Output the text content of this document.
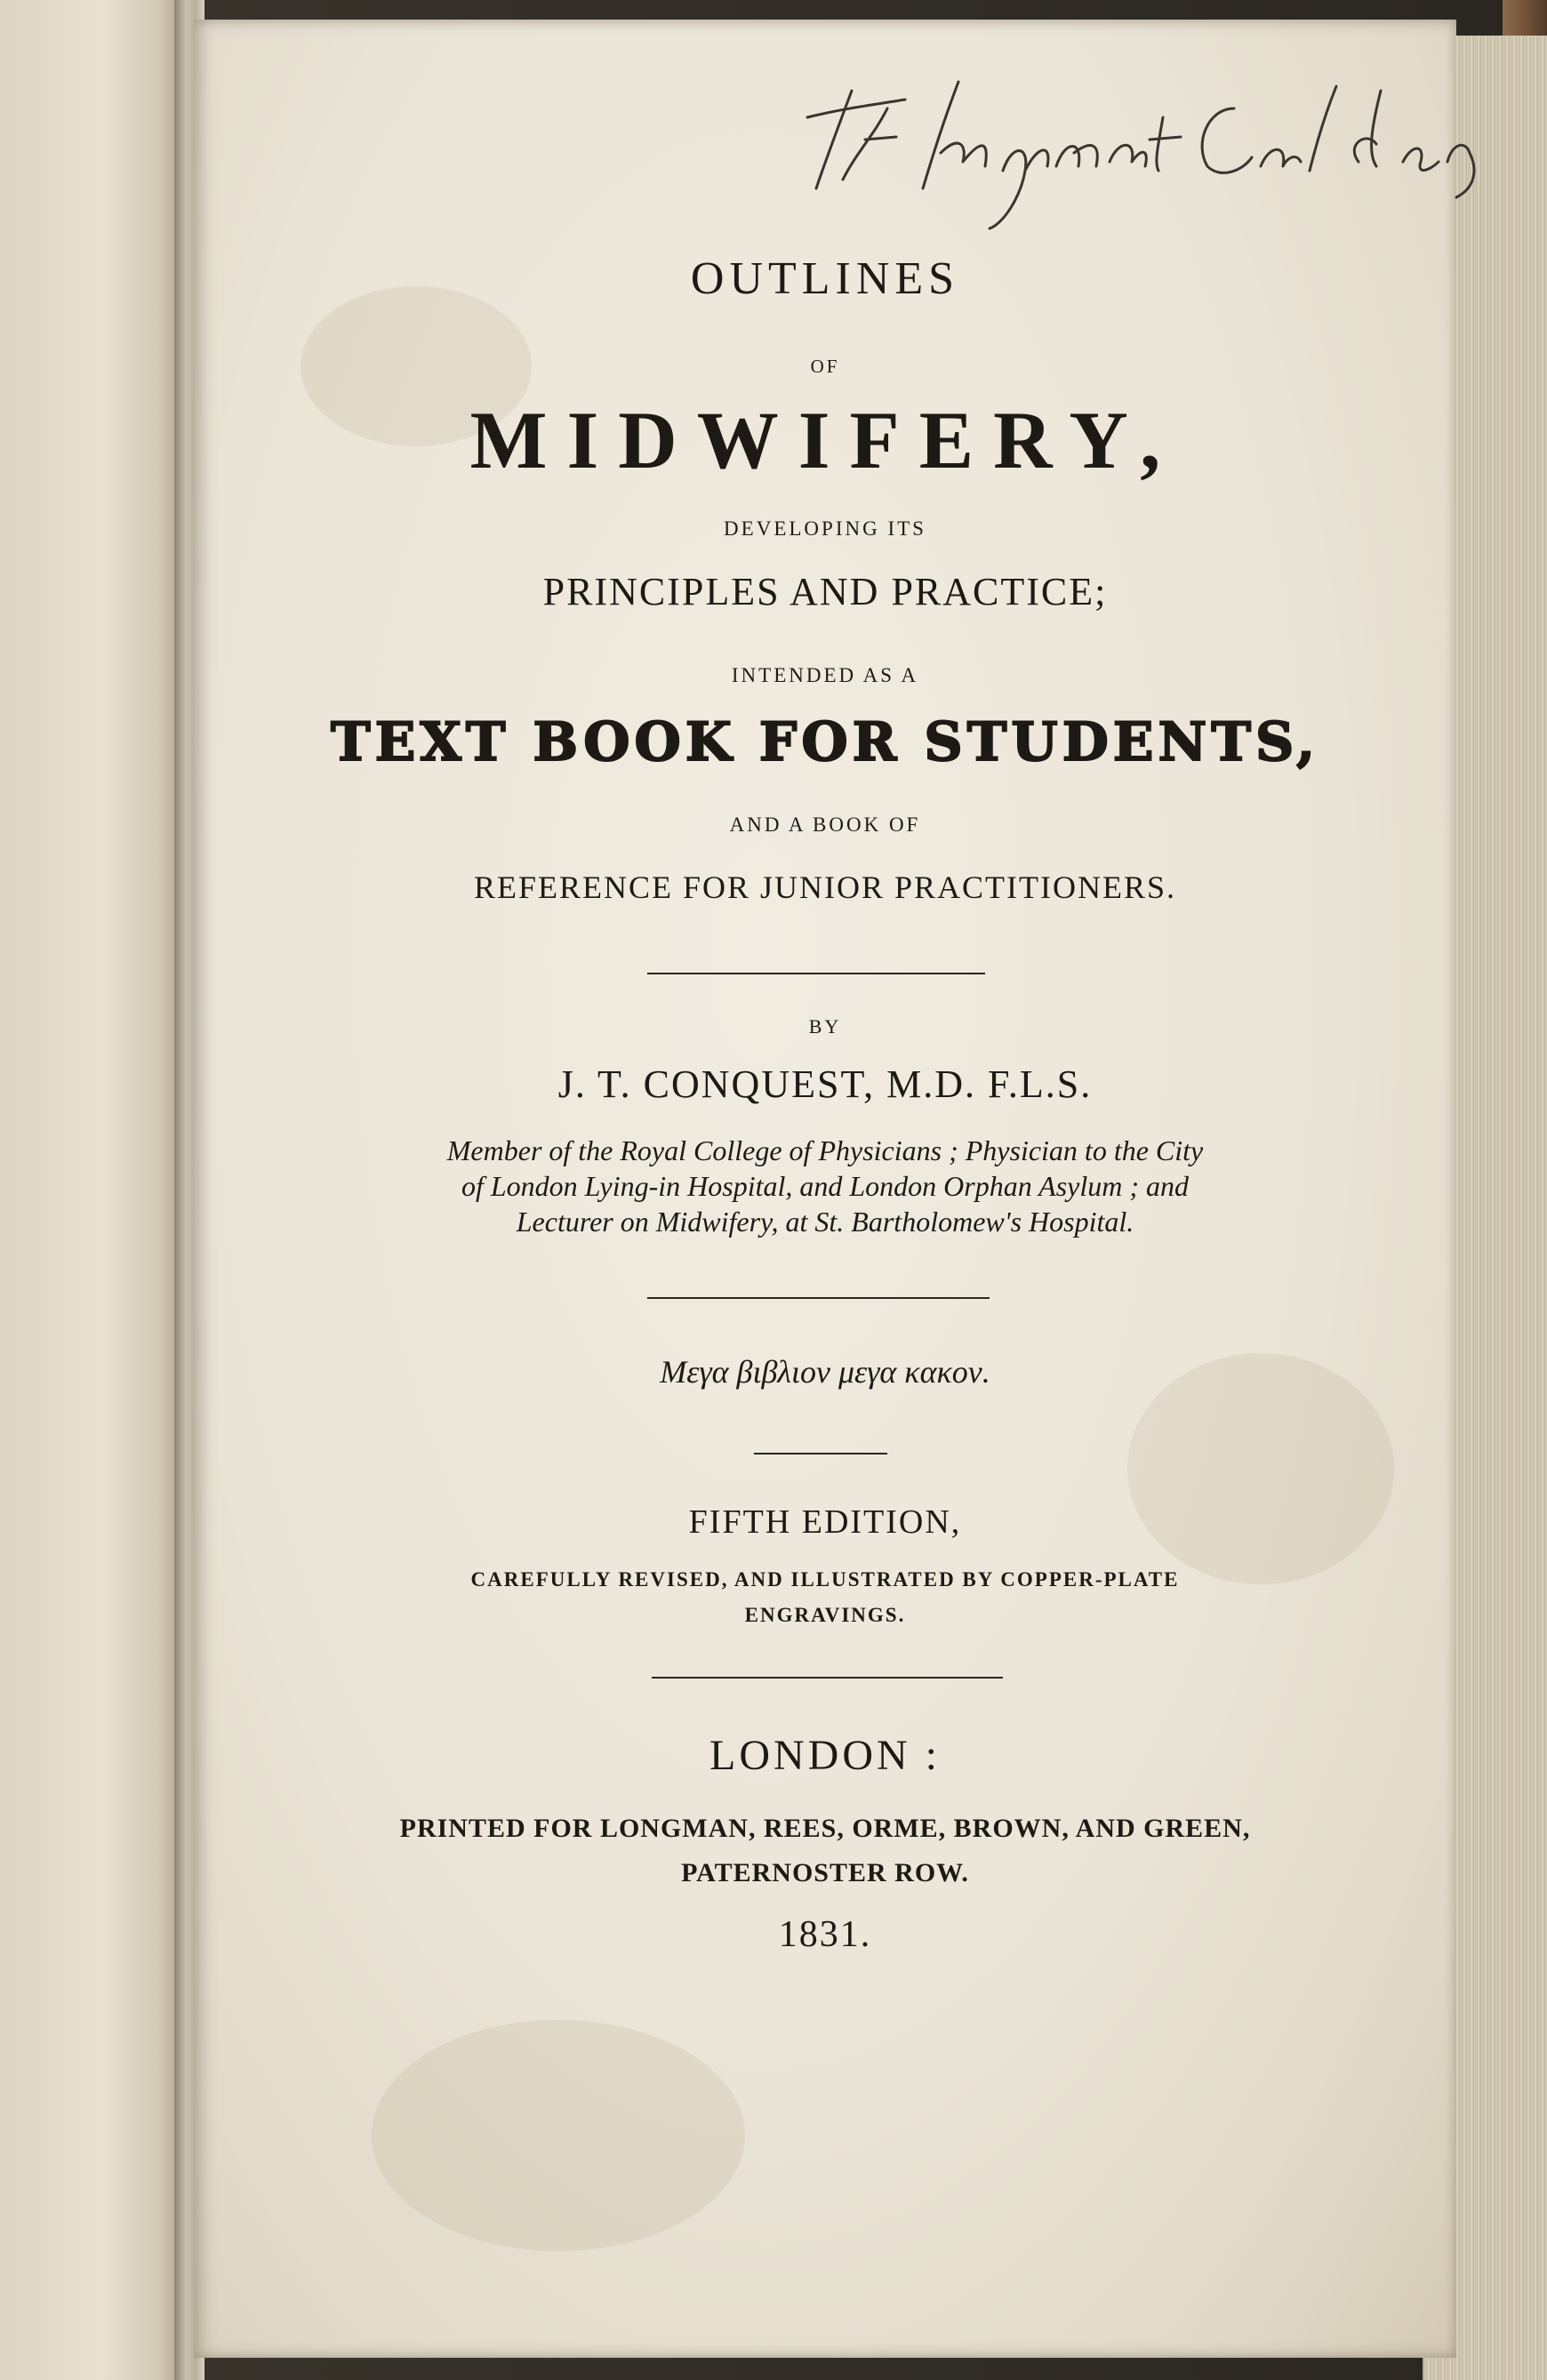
OUTLINES
OF
MIDWIFERY,
DEVELOPING ITS
PRINCIPLES AND PRACTICE;
INTENDED AS A
TEXT BOOK FOR STUDENTS,
AND A BOOK OF
REFERENCE FOR JUNIOR PRACTITIONERS.
BY
J. T. CONQUEST, M.D. F.L.S.
Member of the Royal College of Physicians ; Physician to the City
of London Lying-in Hospital, and London Orphan Asylum ; and
Lecturer on Midwifery, at St. Bartholomew's Hospital.
Μεγα βιβλιον μεγα κακον.
FIFTH EDITION,
CAREFULLY REVISED, AND ILLUSTRATED BY COPPER-PLATE
ENGRAVINGS.
LONDON :
PRINTED FOR LONGMAN, REES, ORME, BROWN, AND GREEN,
PATERNOSTER ROW.
1831.
